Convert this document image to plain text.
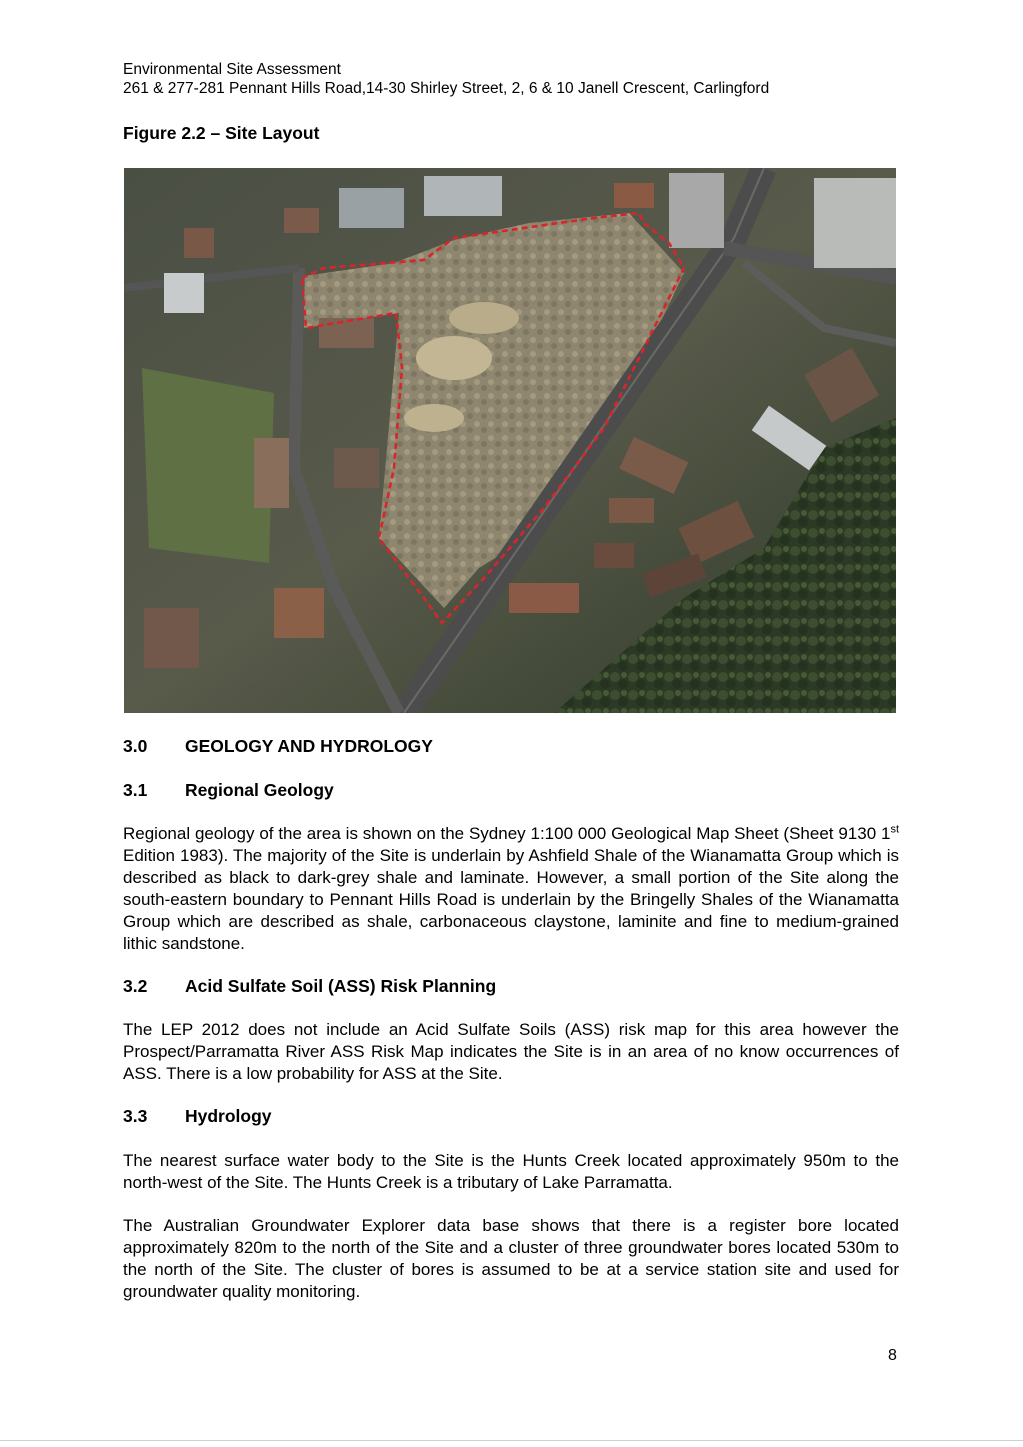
Environmental Site Assessment
261 & 277-281 Pennant Hills Road,14-30 Shirley Street, 2, 6 & 10 Janell Crescent, Carlingford
Figure 2.2 – Site Layout
3.0 GEOLOGY AND HYDROLOGY
3.1 Regional Geology

Regional geology of the area is shown on the Sydney 1:100 000 Geological Map Sheet (Sheet 9130 1st Edition 1983). The majority of the Site is underlain by Ashfield Shale of the Wianamatta Group which is described as black to dark-grey shale and laminate. However, a small portion of the Site along the south-eastern boundary to Pennant Hills Road is underlain by the Bringelly Shales of the Wianamatta Group which are described as shale, carbonaceous claystone, laminite and fine to medium-grained lithic sandstone.

3.2 Acid Sulfate Soil (ASS) Risk Planning

The LEP 2012 does not include an Acid Sulfate Soils (ASS) risk map for this area however the Prospect/Parramatta River ASS Risk Map indicates the Site is in an area of no know occurrences of ASS. There is a low probability for ASS at the Site.

3.3 Hydrology

The nearest surface water body to the Site is the Hunts Creek located approximately 950m to the north-west of the Site. The Hunts Creek is a tributary of Lake Parramatta.

The Australian Groundwater Explorer data base shows that there is a register bore located approximately 820m to the north of the Site and a cluster of three groundwater bores located 530m to the north of the Site. The cluster of bores is assumed to be at a service station site and used for groundwater quality monitoring.

8
